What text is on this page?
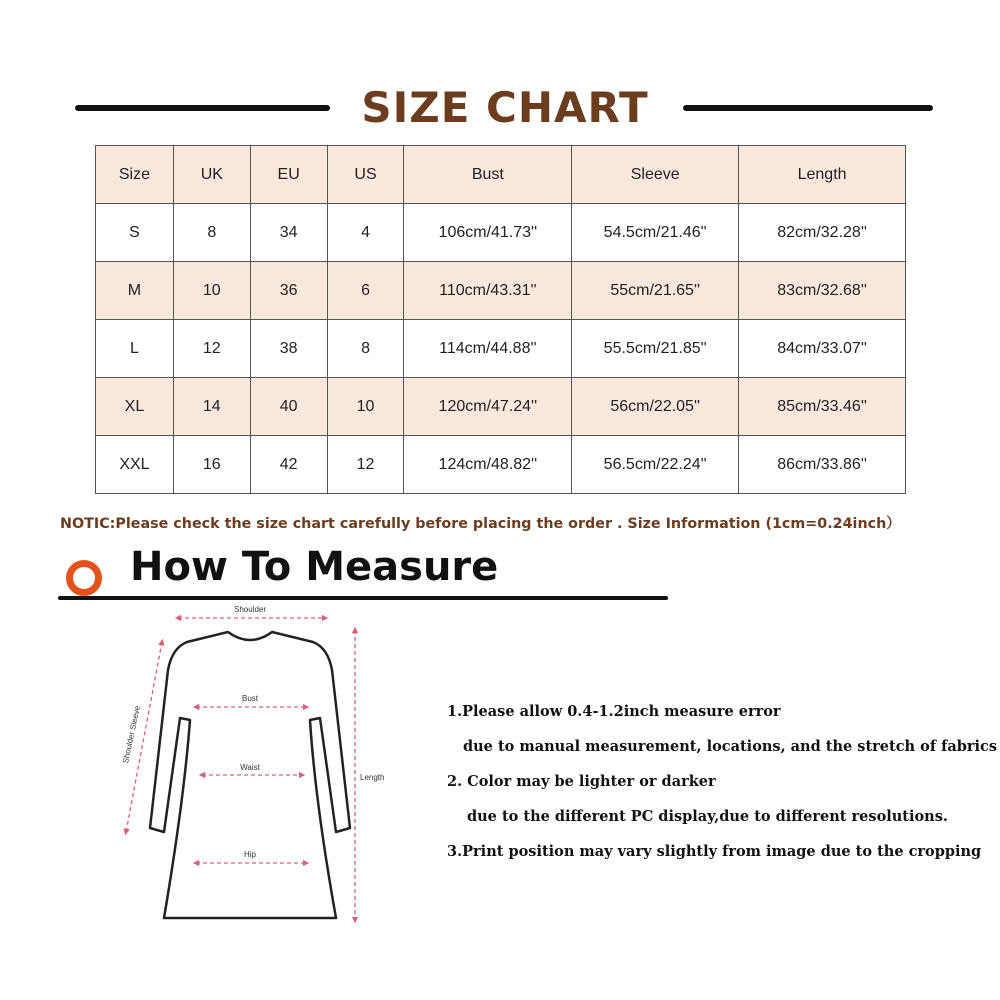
SIZE CHART
Size	UK	EU	US	Bust	Sleeve	Length
S	8	34	4	106cm/41.73''	54.5cm/21.46''	82cm/32.28''
M	10	36	6	110cm/43.31''	55cm/21.65''	83cm/32.68''
L	12	38	8	114cm/44.88''	55.5cm/21.85''	84cm/33.07''
XL	14	40	10	120cm/47.24''	56cm/22.05''	85cm/33.46''
XXL	16	42	12	124cm/48.82''	56.5cm/22.24''	86cm/33.86''
NOTIC:Please check the size chart carefully before placing the order . Size Information (1cm=0.24inch）
How To Measure
Shoulder
Bust
Waist
Hip
Shoulder Sleeve
Length
1.Please allow 0.4-1.2inch measure error
due to manual measurement, locations, and the stretch of fabrics
2. Color may be lighter or darker
due to the different PC display,due to different resolutions.
3.Print position may vary slightly from image due to the cropping
